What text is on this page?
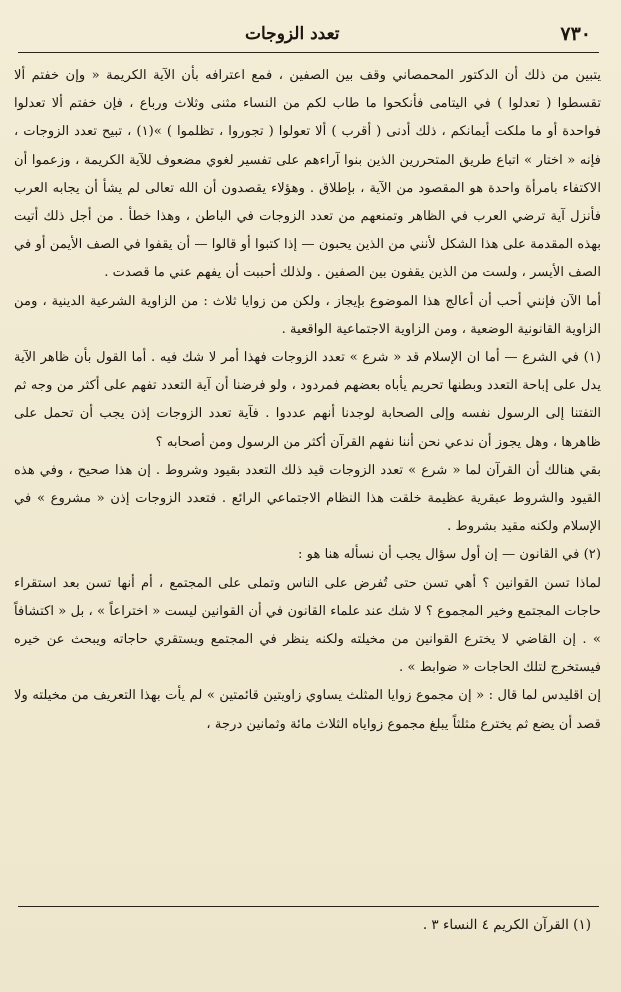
٧٣٠
تعدد الزوجات

يتبين من ذلك أن الدكتور المحمصاني وقف بين الصفين ، فمع اعترافه بأن الآية الكريمة « وإن خفتم ألا تقسطوا ( تعدلوا ) في اليتامى فأنكحوا ما طاب لكم من النساء مثنى وثلاث ورباع ، فإن خفتم ألا تعدلوا فواحدة أو ما ملكت أيمانكم ، ذلك أدنى ( أقرب ) ألا تعولوا ( تجوروا ، تظلموا ) »(١) ، تبيح تعدد الزوجات ، فإنه « اختار » اتباع طريق المتحررين الذين بنوا آراءهم على تفسير لغوي مضعوف للآية الكريمة ، وزعموا أن الاكتفاء بامرأة واحدة هو المقصود من الآية ، بإطلاق . وهؤلاء يقصدون أن الله تعالى لم يشأ أن يجابه العرب فأنزل آية ترضي العرب في الظاهر وتمنعهم من تعدد الزوجات في الباطن ، وهذا خطأ . من أجل ذلك أتيت بهذه المقدمة على هذا الشكل لأنني من الذين يحبون — إذا كتبوا أو قالوا — أن يقفوا في الصف الأيمن أو في الصف الأيسر ، ولست من الذين يقفون بين الصفين . ولذلك أحببت أن يفهم عني ما قصدت .

أما الآن فإنني أحب أن أعالج هذا الموضوع بإيجاز ، ولكن من زوايا ثلاث : من الزاوية الشرعية الدينية ، ومن الزاوية القانونية الوضعية ، ومن الزاوية الاجتماعية الواقعية .

(١) في الشرع — أما ان الإسلام قد « شرع » تعدد الزوجات فهذا أمر لا شك فيه . أما القول بأن ظاهر الآية يدل على إباحة التعدد وبطنها تحريم يأباه بعضهم فمردود ، ولو فرضنا أن آية التعدد تفهم على أكثر من وجه ثم التفتنا إلى الرسول نفسه وإلى الصحابة لوجدنا أنهم عددوا . فآية تعدد الزوجات إذن يجب أن تحمل على ظاهرها ، وهل يجوز أن ندعي نحن أننا نفهم القرآن أكثر من الرسول ومن أصحابه ؟

بقي هنالك أن القرآن لما « شرع » تعدد الزوجات قيد ذلك التعدد بقيود وشروط . إن هذا صحيح ، وفي هذه القيود والشروط عبقرية عظيمة خلقت هذا النظام الاجتماعي الرائع . فتعدد الزوجات إذن « مشروع » في الإسلام ولكنه مقيد بشروط .

(٢) في القانون — إن أول سؤال يجب أن نسأله هنا هو :

لماذا تسن القوانين ؟ أهي تسن حتى تُفرض على الناس وتملى على المجتمع ، أم أنها تسن بعد استقراء حاجات المجتمع وخير المجموع ؟ لا شك عند علماء القانون في أن القوانين ليست « اختراعاً » ، بل « اكتشافاً » . إن القاضي لا يخترع القوانين من مخيلته ولكنه ينظر في المجتمع ويستقري حاجاته ويبحث عن خيره فيستخرج لتلك الحاجات « ضوابط » .

إن اقليدس لما قال : « إن مجموع زوايا المثلث يساوي زاويتين قائمتين » لم يأت بهذا التعريف من مخيلته ولا قصد أن يضع ثم يخترع مثلثاً يبلغ مجموع زواياه الثلاث مائة وثمانين درجة ،

(١) القرآن الكريم ٤ النساء ٣ .
